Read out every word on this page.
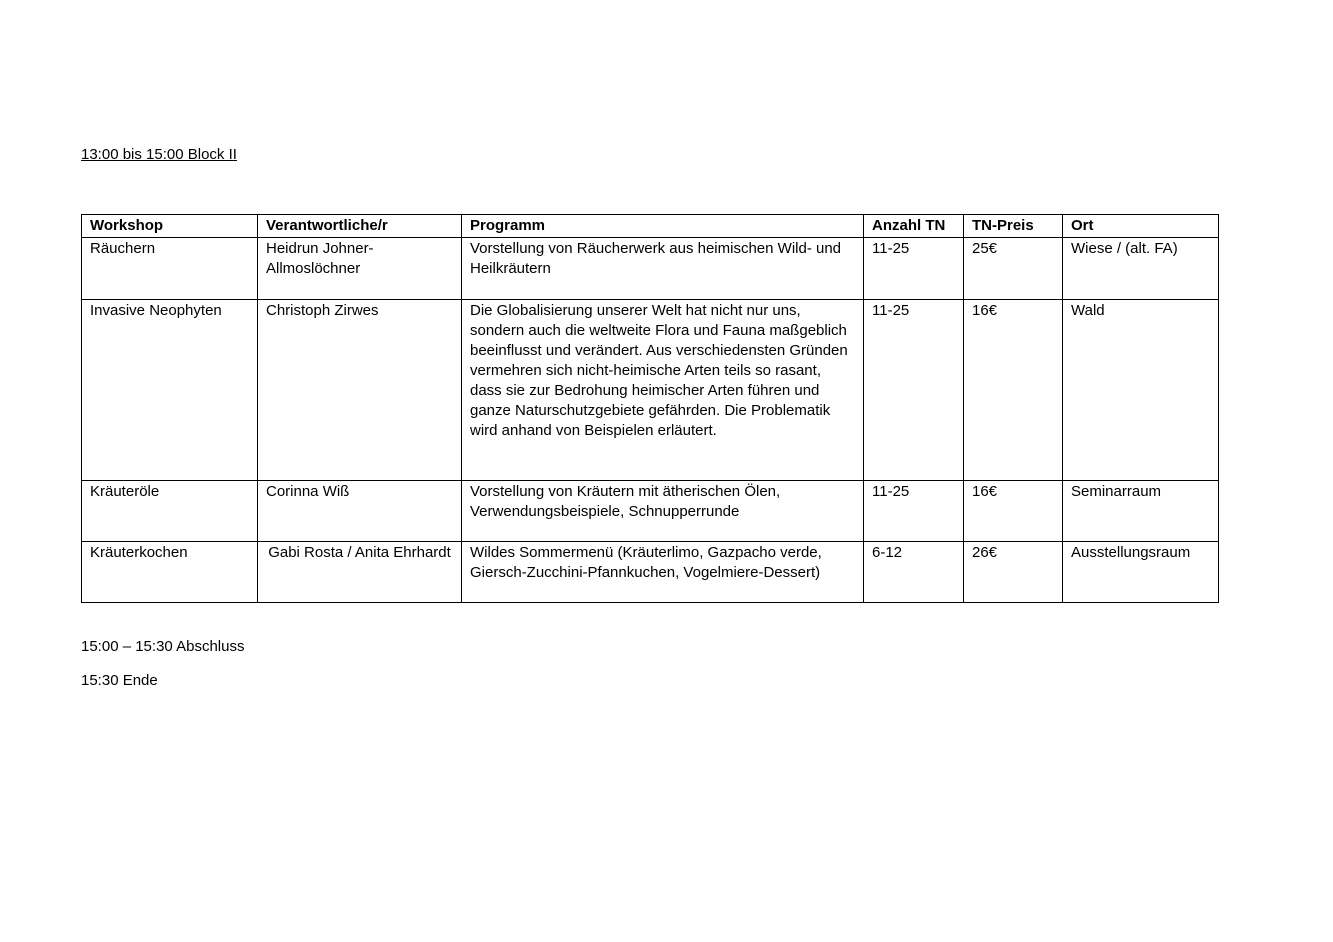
13:00 bis 15:00 Block II
Workshop	Verantwortliche/r	Programm	Anzahl TN	TN-Preis	Ort
Räuchern	Heidrun Johner-Allmoslöchner	Vorstellung von Räucherwerk aus heimischen Wild- und Heilkräutern	11-25	25€	Wiese / (alt. FA)
Invasive Neophyten	Christoph Zirwes	Die Globalisierung unserer Welt hat nicht nur uns, sondern auch die weltweite Flora und Fauna maßgeblich beeinflusst und verändert. Aus verschiedensten Gründen vermehren sich nicht-heimische Arten teils so rasant, dass sie zur Bedrohung heimischer Arten führen und ganze Naturschutzgebiete gefährden. Die Problematik wird anhand von Beispielen erläutert.	11-25	16€	Wald
Kräuteröle	Corinna Wiß	Vorstellung von Kräutern mit ätherischen Ölen, Verwendungsbeispiele, Schnupperrunde	11-25	16€	Seminarraum
Kräuterkochen	Gabi Rosta / Anita Ehrhardt	Wildes Sommermenü (Kräuterlimo, Gazpacho verde, Giersch-Zucchini-Pfannkuchen, Vogelmiere-Dessert)	6-12	26€	Ausstellungsraum
15:00 – 15:30 Abschluss
15:30 Ende
